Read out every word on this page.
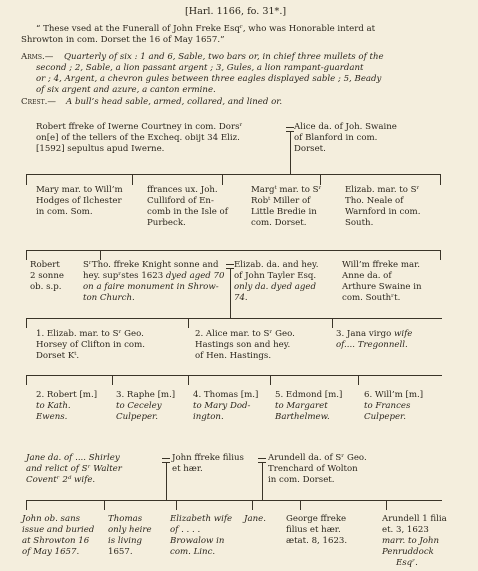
[Harl. 1166, fo. 31*.]
“ These vsed at the Funerall of John Freke Esqʳ, who was Honorable interd at
Shrowton in com. Dorset the 16 of May 1657.”
Arms.— Quarterly of six : 1 and 6, Sable, two bars or, in chief three mullets of the
second ; 2, Sable, a lion passant argent ; 3, Gules, a lion rampant-guardant
or ; 4, Argent, a chevron gules between three eagles displayed sable ; 5, Beady
of six argent and azure, a canton ermine.
Crest.— A bull’s head sable, armed, collared, and lined or.
Robert ffreke of Iwerne Courtney in com. Dorsʳ
on[e] of the tellers of the Excheq. obijt 34 Eliz.
[1592] sepultus apud Iwerne.
Alice da. of Joh. Swaine
of Blanford in com.
Dorset.
Mary mar. to Will’m
Hodges of Ilchester
in com. Som.
ffrances ux. Joh.
Culliford of En-
comb in the Isle of
Purbeck.
Margᵗ mar. to Sʳ
Robᵗ Miller of
Little Bredie in
com. Dorset.
Elizab. mar. to Sʳ
Tho. Neale of
Warnford in com.
South.
Robert
2 sonne
ob. s.p.
SʳTho. ffreke Knight sonne and
hey. supʳstes 1623 dyed aged 70
on a faire monument in Shrow-
ton Church.
Elizab. da. and hey.
of John Tayler Esq.
only da. dyed aged
74.
Will’m ffreke mar.
Anne da. of
Arthure Swaine in
com. Southʳt.
1. Elizab. mar. to Sʳ Geo.
Horsey of Clifton in com.
Dorset Kᵗ.
2. Alice mar. to Sʳ Geo.
Hastings son and hey.
of Hen. Hastings.
3. Jana virgo wife
of.... Tregonnell.
2. Robert [m.]
to Kath.
Ewens.
3. Raphe [m.]
to Ceceley
Culpeper.
4. Thomas [m.]
to Mary Dod-
ington.
5. Edmond [m.]
to Margaret
Barthelmew.
6. Will’m [m.]
to Frances
Culpeper.
Jane da. of .... Shirley
and relict of Sʳ Walter
Coventʳ 2ᵈ wife.
John ffreke filius
et hær.
Arundell da. of Sʳ Geo.
Trenchard of Wolton
in com. Dorset.
John ob. sans
issue and buried
at Shrowton 16
of May 1657.
Thomas
only heire
is living
1657.
Elizabeth wife
of . . . .
Browalow in
com. Linc.
Jane. George ffreke
filius et hær.
ætat. 8, 1623.
Arundell 1 filia
et. 3, 1623
marr. to John
Penruddock
Esqʳ.
